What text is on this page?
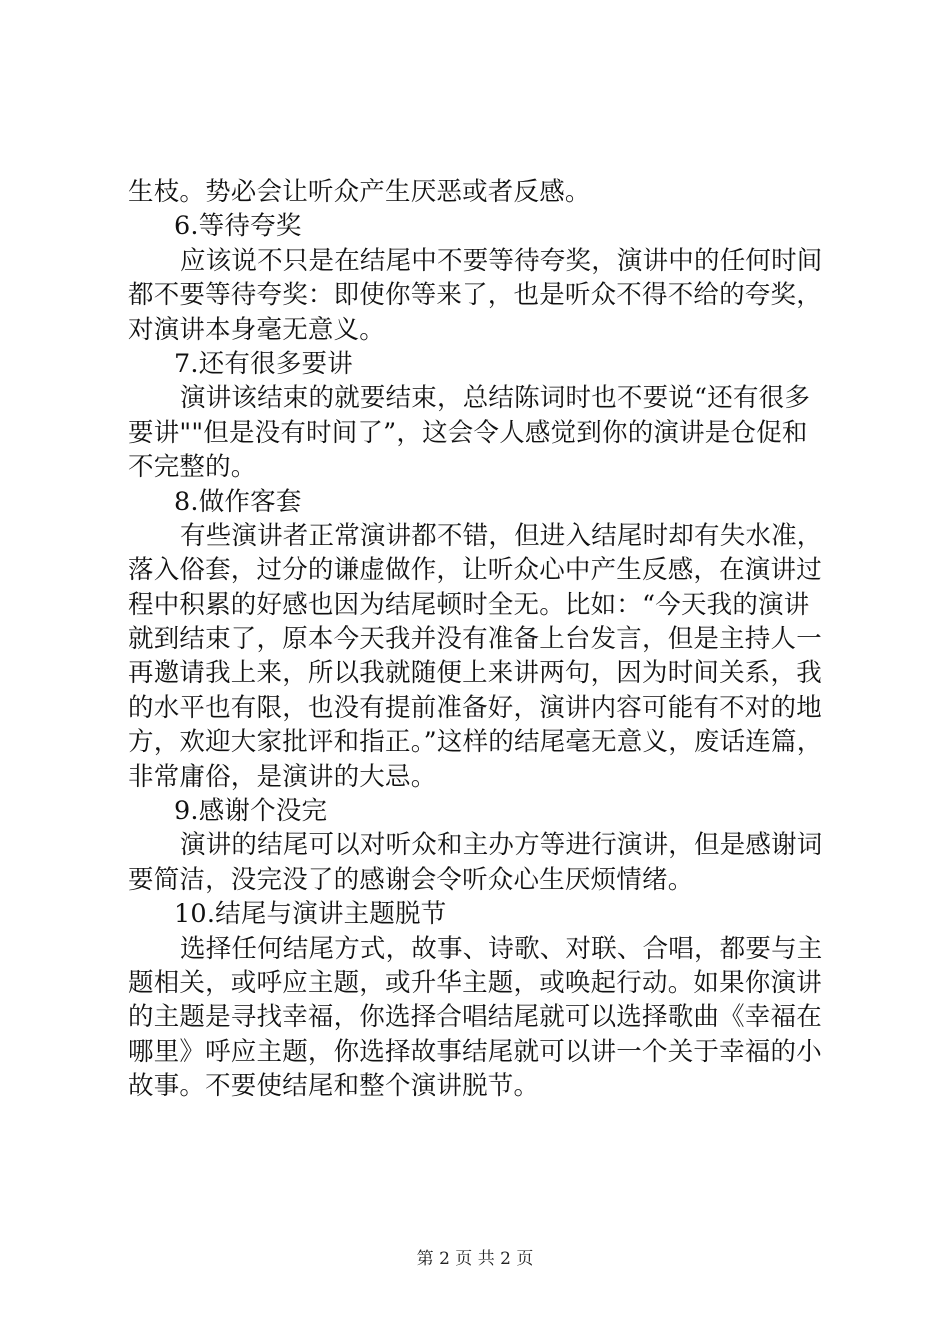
生枝。势必会让听众产生厌恶或者反感。
6.等待夸奖
应该说不只是在结尾中不要等待夸奖，演讲中的任何时间
都不要等待夸奖：即使你等来了，也是听众不得不给的夸奖，
对演讲本身毫无意义。
7.还有很多要讲
演讲该结束的就要结束，总结陈词时也不要说“还有很多
要讲""但是没有时间了”，这会令人感觉到你的演讲是仓促和
不完整的。
8.做作客套
有些演讲者正常演讲都不错，但进入结尾时却有失水准，
落入俗套，过分的谦虚做作，让听众心中产生反感，在演讲过
程中积累的好感也因为结尾顿时全无。比如：“今天我的演讲
就到结束了，原本今天我并没有准备上台发言，但是主持人一
再邀请我上来，所以我就随便上来讲两句，因为时间关系，我
的水平也有限，也没有提前准备好，演讲内容可能有不对的地
方，欢迎大家批评和指正。”这样的结尾毫无意义，废话连篇，
非常庸俗，是演讲的大忌。
9.感谢个没完
演讲的结尾可以对听众和主办方等进行演讲，但是感谢词
要简洁，没完没了的感谢会令听众心生厌烦情绪。
10.结尾与演讲主题脱节
选择任何结尾方式，故事、诗歌、对联、合唱，都要与主
题相关，或呼应主题，或升华主题，或唤起行动。如果你演讲
的主题是寻找幸福，你选择合唱结尾就可以选择歌曲《幸福在
哪里》呼应主题，你选择故事结尾就可以讲一个关于幸福的小
故事。不要使结尾和整个演讲脱节。
第 2 页 共 2 页
